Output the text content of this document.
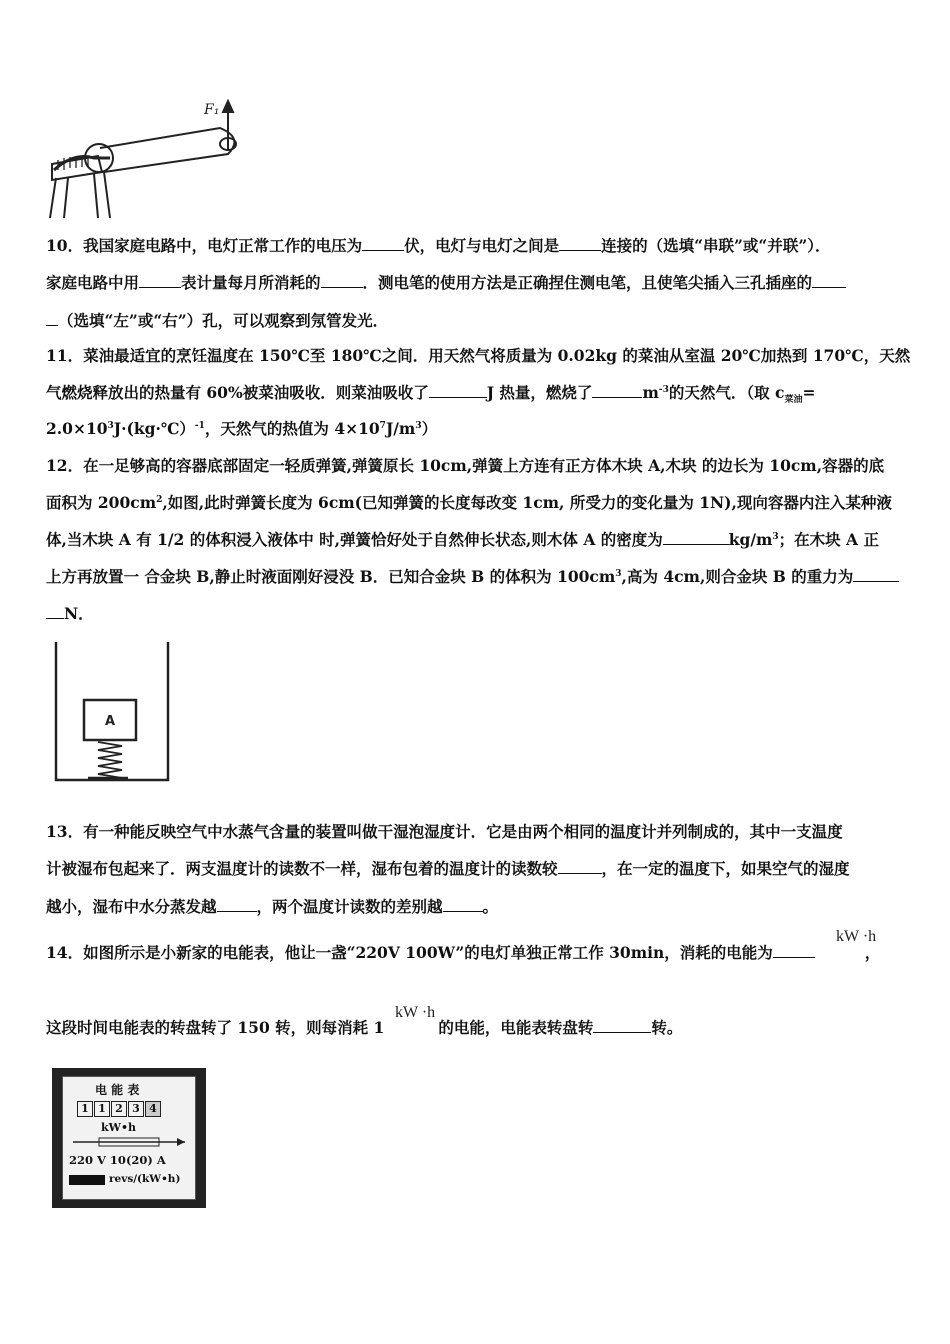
F₁
10．我国家庭电路中，电灯正常工作的电压为	伏，电灯与电灯之间是	连接的（选填“串联”或“并联”）．
家庭电路中用	表计量每月所消耗的	．测电笔的使用方法是正确捏住测电笔，且使笔尖插入三孔插座的
（选填“左”或“右”）孔，可以观察到氖管发光．
11．菜油最适宜的烹饪温度在 150℃至 180℃之间．用天然气将质量为 0.02kg 的菜油从室温 20℃加热到 170℃，天然
气燃烧释放出的热量有 60%被菜油吸收．则菜油吸收了	J 热量，燃烧了	$m^{-3}$的天然气．（取 $c_{菜油}=$
$2.0\times 10^3J\cdot(kg\cdot℃)^{-1}$，天然气的热值为 $4\times 10^7J/m^3$）
12．在一足够高的容器底部固定一轻质弹簧,弹簧原长 10cm,弹簧上方连有正方体木块 A,木块 的边长为 10cm,容器的底
面积为 $200cm^2$,如图,此时弹簧长度为 6cm(已知弹簧的长度每改变 1cm, 所受力的变化量为 1N),现向容器内注入某种液
体,当木块 A 有 1/2 的体积浸入液体中 时,弹簧恰好处于自然伸长状态,则木体 A 的密度为	$kg/m^3$；在木块 A 正
上方再放置一 合金块 B,静止时液面刚好浸没 B．已知合金块 B 的体积为 $100cm^3$,高为 4cm,则合金块 B 的重力为
N．
A
13．有一种能反映空气中水蒸气含量的装置叫做干湿泡湿度计．它是由两个相同的温度计并列制成的，其中一支温度
计被湿布包起来了．两支温度计的读数不一样，湿布包着的温度计的读数较	，在一定的温度下，如果空气的湿度
越小，湿布中水分蒸发越	，两个温度计读数的差别越	。
14．如图所示是小新家的电能表，他让一盏“220V 100W”的电灯单独正常工作 30min，消耗的电能为	，
kW ·h
这段时间电能表的转盘转了 150 转，则每消耗 1	的电能，电能表转盘转	转。
kW ·h
电 能 表
1 1 2 3 4
kW•h
220 V 10(20) A
revs/(kW•h)
